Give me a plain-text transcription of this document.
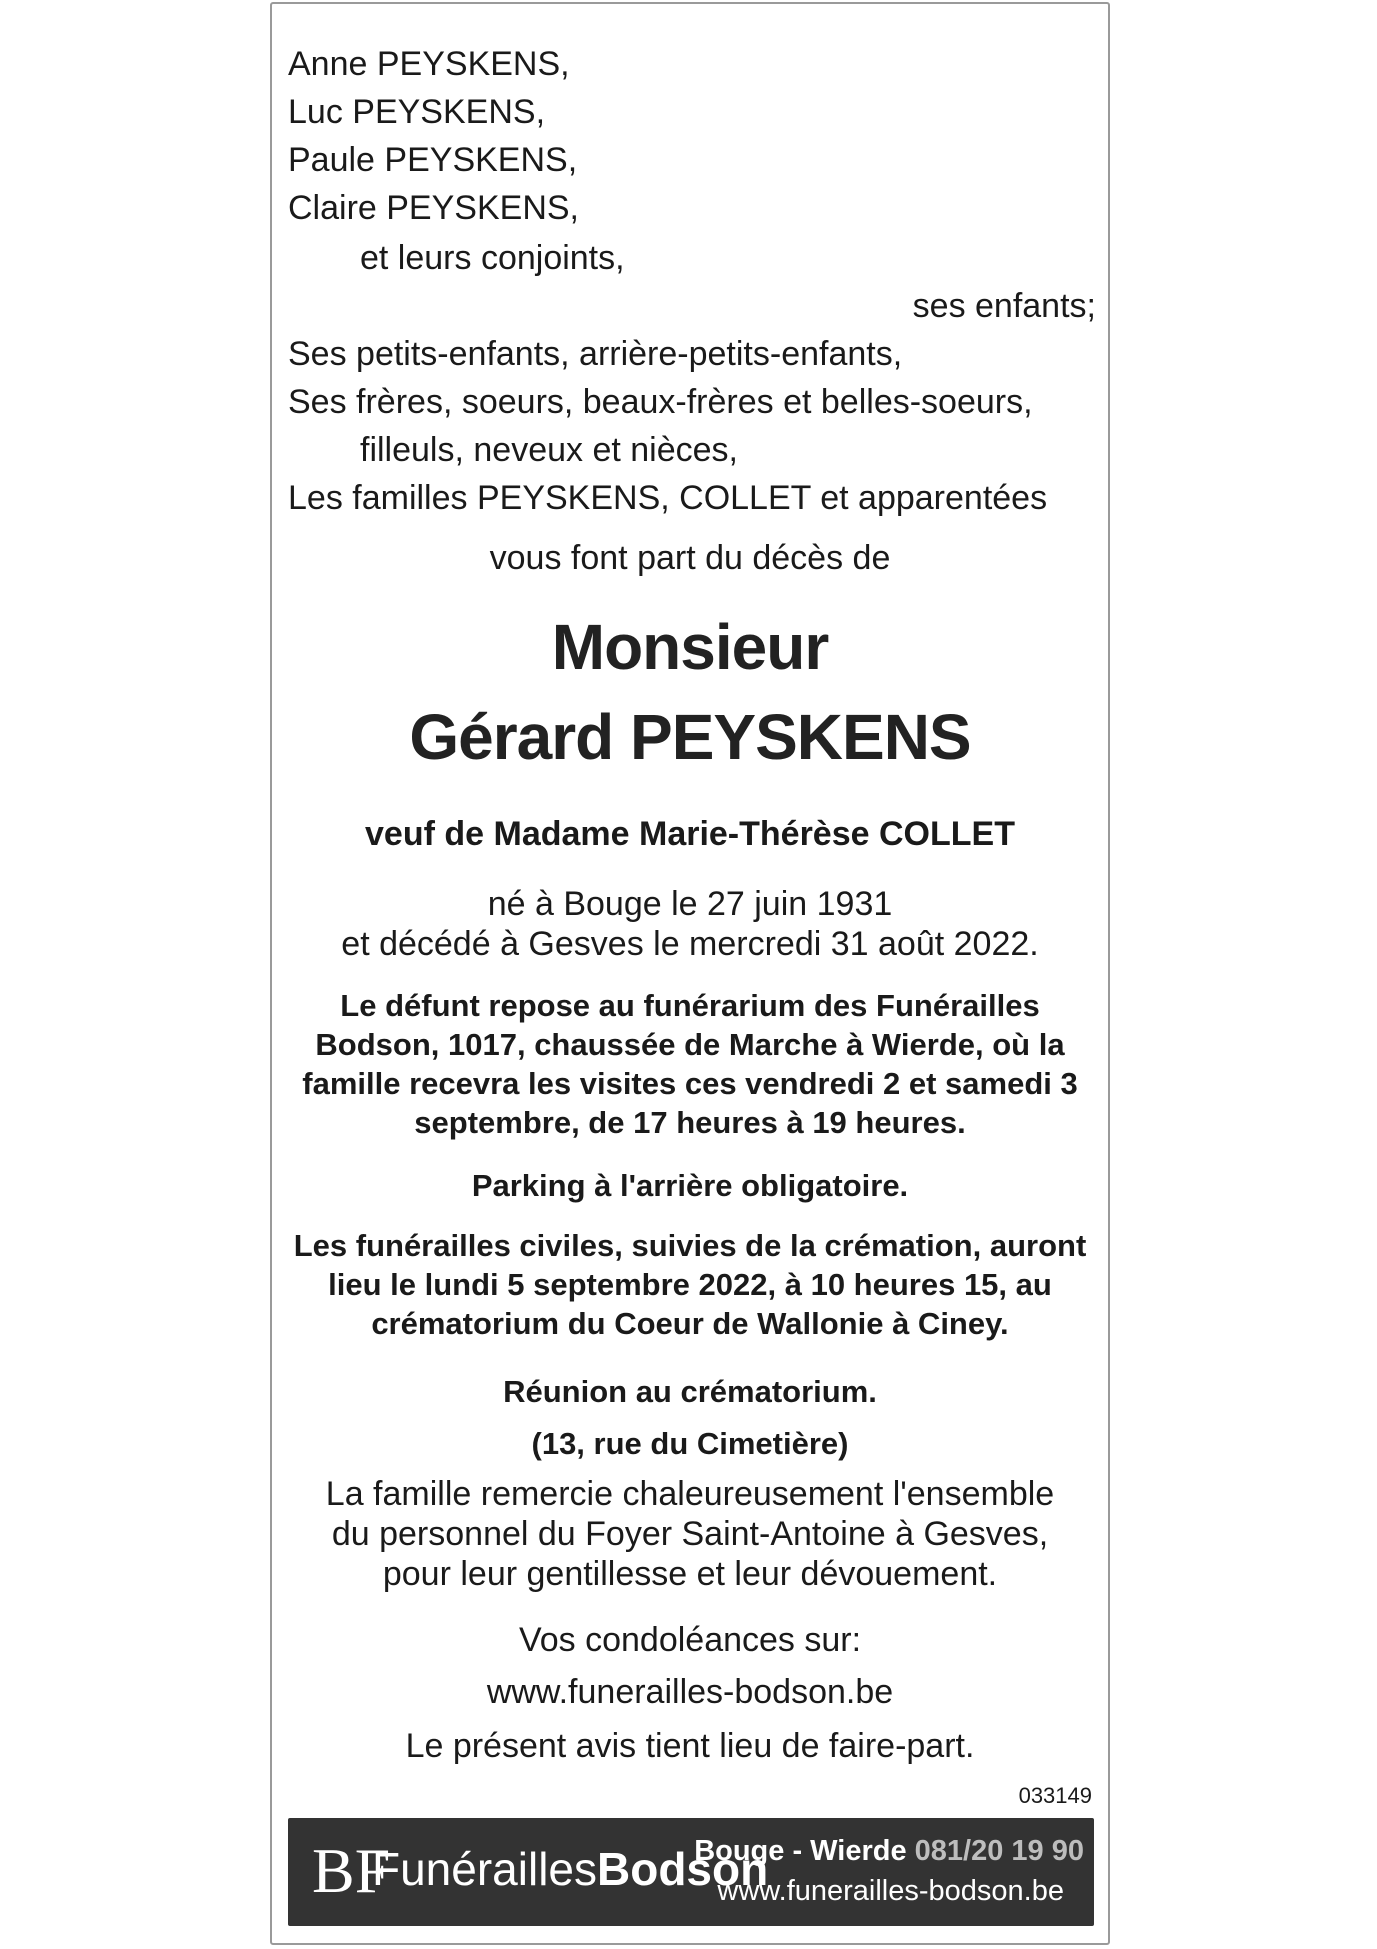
Anne PEYSKENS,
Luc PEYSKENS,
Paule PEYSKENS,
Claire PEYSKENS,
et leurs conjoints,
ses enfants;
Ses petits-enfants, arrière-petits-enfants,
Ses frères, soeurs, beaux-frères et belles-soeurs,
filleuls, neveux et nièces,
Les familles PEYSKENS, COLLET et apparentées
vous font part du décès de
Monsieur
Gérard PEYSKENS
veuf de Madame Marie-Thérèse COLLET
né à Bouge le 27 juin 1931
et décédé à Gesves le mercredi 31 août 2022.
Le défunt repose au funérarium des Funérailles
Bodson, 1017, chaussée de Marche à Wierde, où la
famille recevra les visites ces vendredi 2 et samedi 3
septembre, de 17 heures à 19 heures.
Parking à l'arrière obligatoire.
Les funérailles civiles, suivies de la crémation, auront
lieu le lundi 5 septembre 2022, à 10 heures 15, au
crématorium du Coeur de Wallonie à Ciney.
Réunion au crématorium.
(13, rue du Cimetière)
La famille remercie chaleureusement l'ensemble
du personnel du Foyer Saint-Antoine à Gesves,
pour leur gentillesse et leur dévouement.
Vos condoléances sur:
www.funerailles-bodson.be
Le présent avis tient lieu de faire-part.
033149
BF
FunéraillesBodson
Bouge - Wierde 081/20 19 90
www.funerailles-bodson.be
